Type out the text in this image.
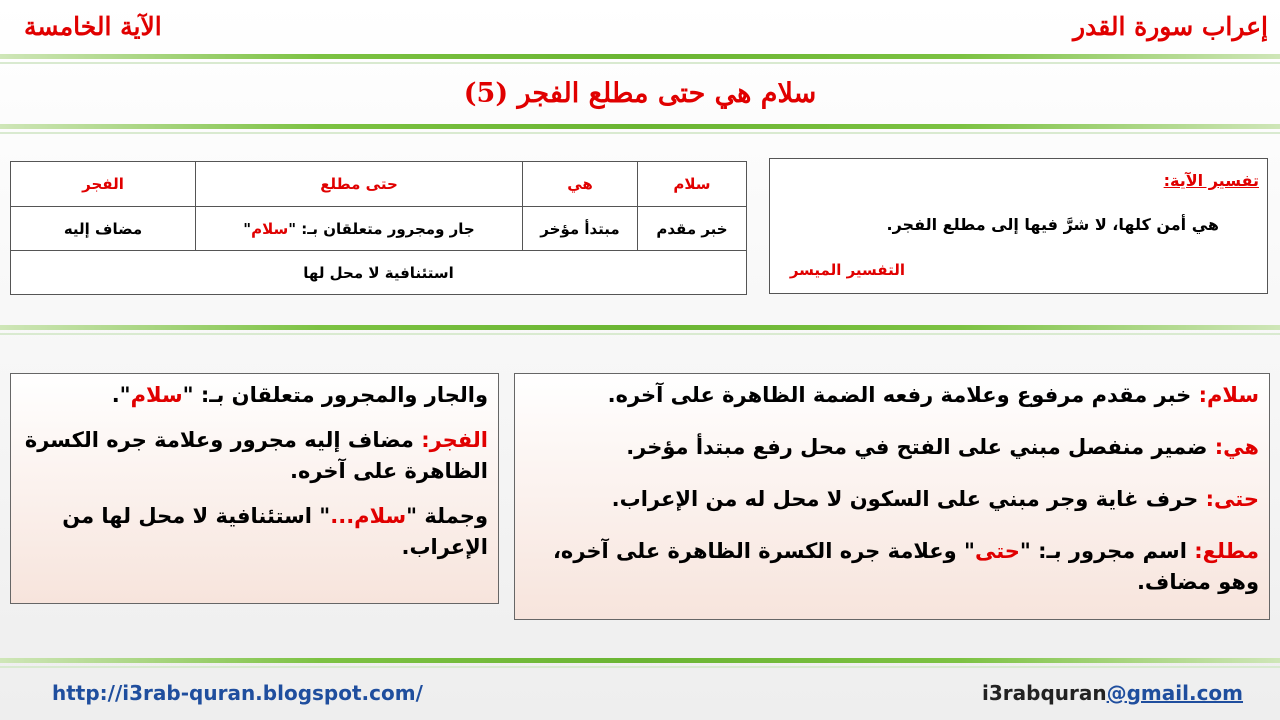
إعراب سورة القدر
الآية الخامسة
سلام هي حتى مطلع الفجر (5)
سلام	هي	حتى مطلع	الفجر
خبر مقدم	مبتدأ مؤخر	جار ومجرور متعلقان بـ: "سلام"	مضاف إليه
استئنافية لا محل لها			
تفسير الآية:
هي أمن كلها، لا شرَّ فيها إلى مطلع الفجر.
التفسير الميسر

سلام: خبر مقدم مرفوع وعلامة رفعه الضمة الظاهرة على آخره.

هي: ضمير منفصل مبني على الفتح في محل رفع مبتدأ مؤخر.

حتى: حرف غاية وجر مبني على السكون لا محل له من الإعراب.

مطلع: اسم مجرور بـ: "حتى" وعلامة جره الكسرة الظاهرة على آخره، وهو مضاف.

والجار والمجرور متعلقان بـ: "سلام".

الفجر: مضاف إليه مجرور وعلامة جره الكسرة الظاهرة على آخره.

وجملة "سلام..." استئنافية لا محل لها من الإعراب.

http://i3rab-quran.blogspot.com/	i3rabquran@gmail.com
